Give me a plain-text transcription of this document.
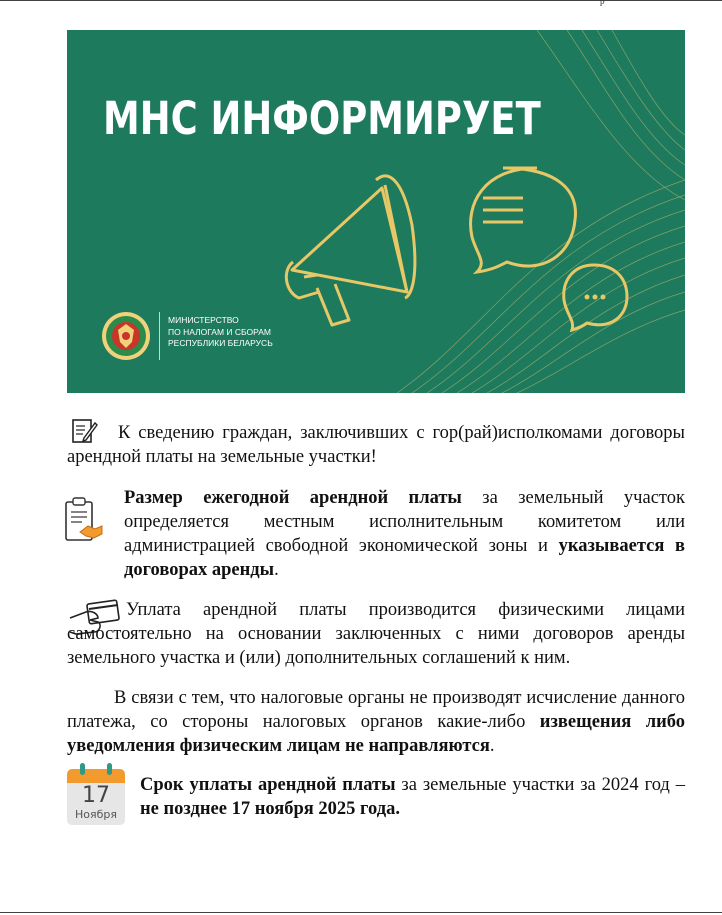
р
МНС ИНФОРМИРУЕТ
МИНИСТЕРСТВО
ПО НАЛОГАМ И СБОРАМ
РЕСПУБЛИКИ БЕЛАРУСЬ
К сведению граждан, заключивших с гор(рай)исполкомами договоры арендной платы на земельные участки!
Размер ежегодной арендной платы за земельный участок определяется местным исполнительным комитетом или администрацией свободной экономической зоны и указывается в договорах аренды.
Уплата арендной платы производится физическими лицами самостоятельно на основании заключенных с ними договоров аренды земельного участка и (или) дополнительных соглашений к ним.
В связи с тем, что налоговые органы не производят исчисление данного платежа, со стороны налоговых органов какие-либо извещения либо уведомления физическим лицам не направляются.
17
Ноября
Срок уплаты арендной платы за земельные участки за 2024 год – не позднее 17 ноября 2025 года.
